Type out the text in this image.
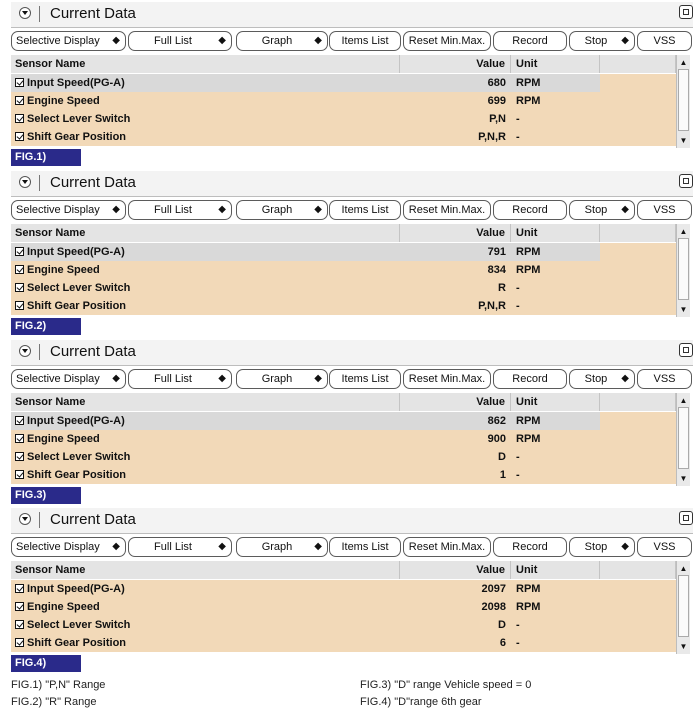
Current Data
Selective Display ◆	Full List	◆	Graph ◆	Items List	Reset Min.Max.	Record	Stop ◆	VSS
Sensor Name	Value	Unit
Input Speed(PG-A)	680 RPM
Engine Speed	699 RPM
Select Lever Switch	P,N -
Shift Gear Position	P,N,R -
▲
▼
FIG.1)
Current Data
Selective Display ◆	Full List	◆	Graph ◆	Items List	Reset Min.Max.	Record	Stop ◆	VSS
Sensor Name	Value	Unit
Input Speed(PG-A)	791 RPM
Engine Speed	834 RPM
Select Lever Switch	R -
Shift Gear Position	P,N,R -
▲
▼
FIG.2)
Current Data
Selective Display ◆	Full List	◆	Graph ◆	Items List	Reset Min.Max.	Record	Stop ◆	VSS
Sensor Name	Value	Unit
Input Speed(PG-A)	862 RPM
Engine Speed	900 RPM
Select Lever Switch	D -
Shift Gear Position	1 -
▲
▼
FIG.3)
Current Data
Selective Display ◆	Full List	◆	Graph ◆	Items List	Reset Min.Max.	Record	Stop ◆	VSS
Sensor Name	Value	Unit
Input Speed(PG-A)	2097 RPM
Engine Speed	2098 RPM
Select Lever Switch	D -
Shift Gear Position	6 -
▲
▼
FIG.4)
FIG.1) "P,N" Range
FIG.2) "R" Range
FIG.3) "D" range Vehicle speed = 0
FIG.4) "D"range 6th gear
